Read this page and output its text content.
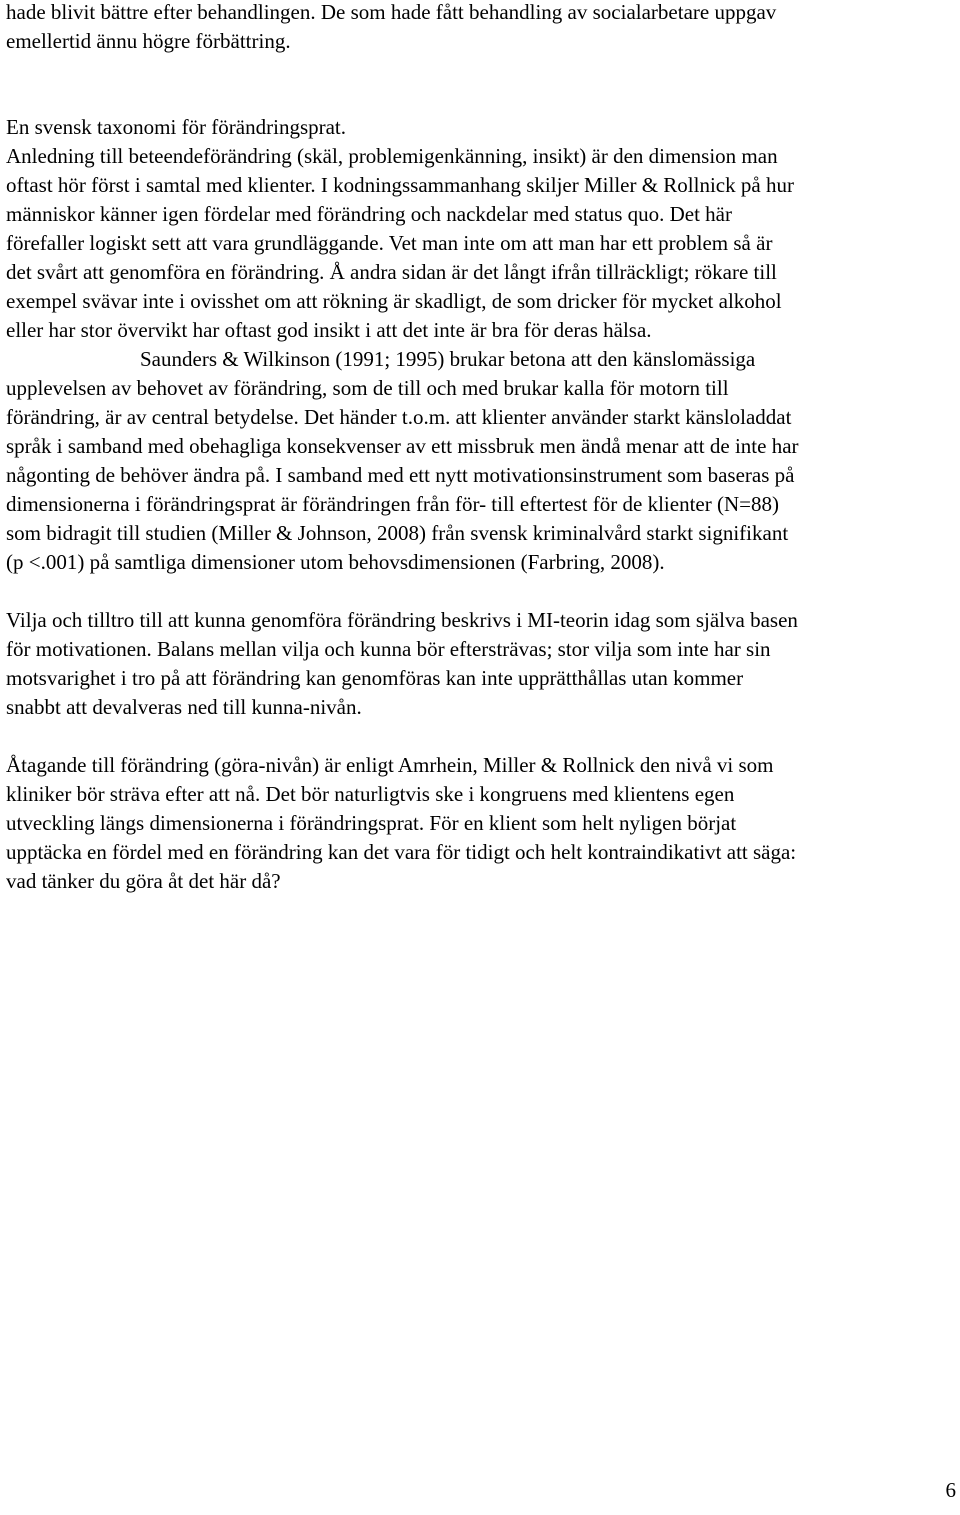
hade blivit bättre efter behandlingen. De som hade fått behandling av socialarbetare uppgav
emellertid ännu högre förbättring.
En svensk taxonomi för förändringsprat.
Anledning till beteendeförändring (skäl, problemigenkänning, insikt) är den dimension man
oftast hör först i samtal med klienter. I kodningssammanhang skiljer Miller & Rollnick på hur
människor känner igen fördelar med förändring och nackdelar med status quo. Det här
förefaller logiskt sett att vara grundläggande. Vet man inte om att man har ett problem så är
det svårt att genomföra en förändring. Å andra sidan är det långt ifrån tillräckligt; rökare till
exempel svävar inte i ovisshet om att rökning är skadligt, de som dricker för mycket alkohol
eller har stor övervikt har oftast god insikt i att det inte är bra för deras hälsa.
Saunders & Wilkinson (1991; 1995) brukar betona att den känslomässiga
upplevelsen av behovet av förändring, som de till och med brukar kalla för motorn till
förändring, är av central betydelse. Det händer t.o.m. att klienter använder starkt känsloladdat
språk i samband med obehagliga konsekvenser av ett missbruk men ändå menar att de inte har
någonting de behöver ändra på. I samband med ett nytt motivationsinstrument som baseras på
dimensionerna i förändringsprat är förändringen från för- till eftertest för de klienter (N=88)
som bidragit till studien (Miller & Johnson, 2008) från svensk kriminalvård starkt signifikant
(p <.001) på samtliga dimensioner utom behovsdimensionen (Farbring, 2008).
Vilja och tilltro till att kunna genomföra förändring beskrivs i MI-teorin idag som själva basen
för motivationen. Balans mellan vilja och kunna bör eftersträvas; stor vilja som inte har sin
motsvarighet i tro på att förändring kan genomföras kan inte upprätthållas utan kommer
snabbt att devalveras ned till kunna-nivån.
Åtagande till förändring (göra-nivån) är enligt Amrhein, Miller & Rollnick den nivå vi som
kliniker bör sträva efter att nå. Det bör naturligtvis ske i kongruens med klientens egen
utveckling längs dimensionerna i förändringsprat. För en klient som helt nyligen börjat
upptäcka en fördel med en förändring kan det vara för tidigt och helt kontraindikativt att säga:
vad tänker du göra åt det här då?
6
